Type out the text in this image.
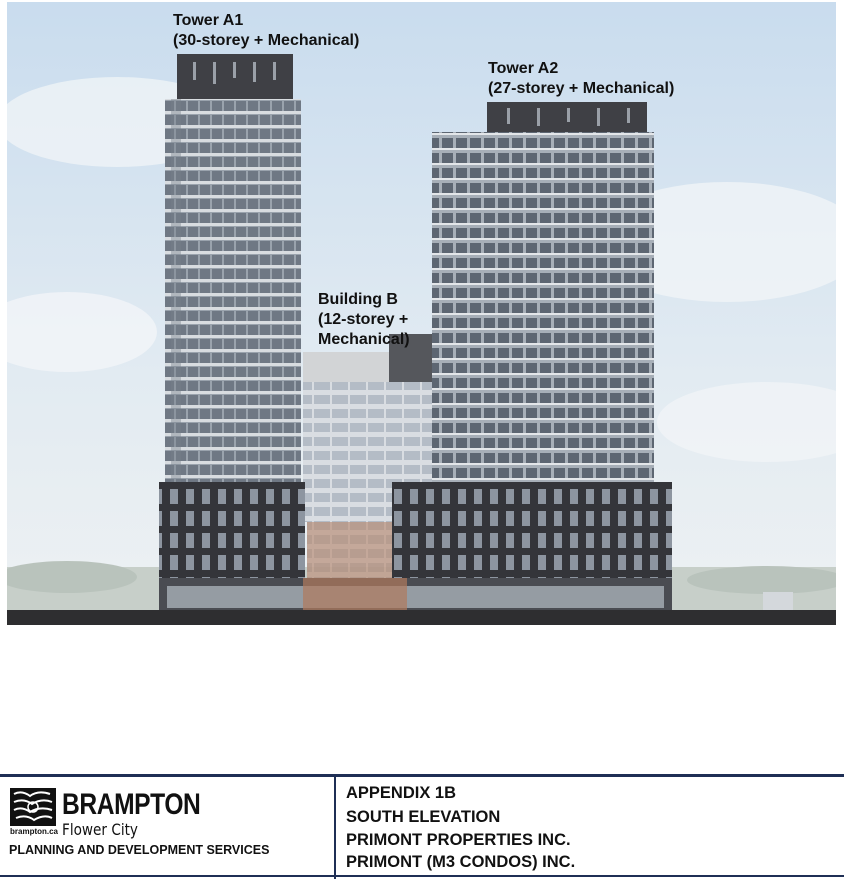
Tower A1
(30-storey + Mechanical)
Tower A2
(27-storey + Mechanical)
Building B
(12-storey +
Mechanical)
BRAMPTON
Flower City
brampton.ca
PLANNING AND DEVELOPMENT SERVICES
APPENDIX 1B
SOUTH ELEVATION
PRIMONT PROPERTIES INC.
PRIMONT (M3 CONDOS) INC.
